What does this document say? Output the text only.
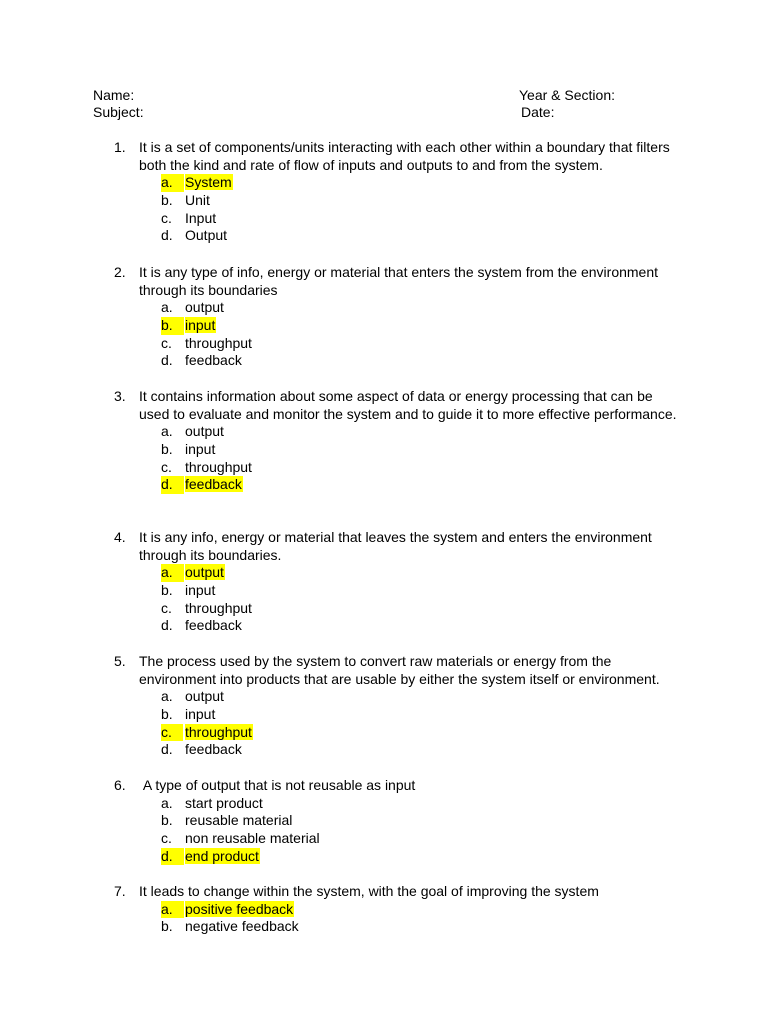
Name:
Subject:
Year & Section:
Date:
1. It is a set of components/units interacting with each other within a boundary that filters both the kind and rate of flow of inputs and outputs to and from the system.
a. System
b. Unit
c. Input
d. Output
2. It is any type of info, energy or material that enters the system from the environment through its boundaries
a. output
b. input
c. throughput
d. feedback
3. It contains information about some aspect of data or energy processing that can be used to evaluate and monitor the system and to guide it to more effective performance.
a. output
b. input
c. throughput
d. feedback
4. It is any info, energy or material that leaves the system and enters the environment through its boundaries.
a. output
b. input
c. throughput
d. feedback
5. The process used by the system to convert raw materials or energy from the environment into products that are usable by either the system itself or environment.
a. output
b. input
c. throughput
d. feedback
6. A type of output that is not reusable as input
a. start product
b. reusable material
c. non reusable material
d. end product
7. It leads to change within the system, with the goal of improving the system
a. positive feedback
b. negative feedback
